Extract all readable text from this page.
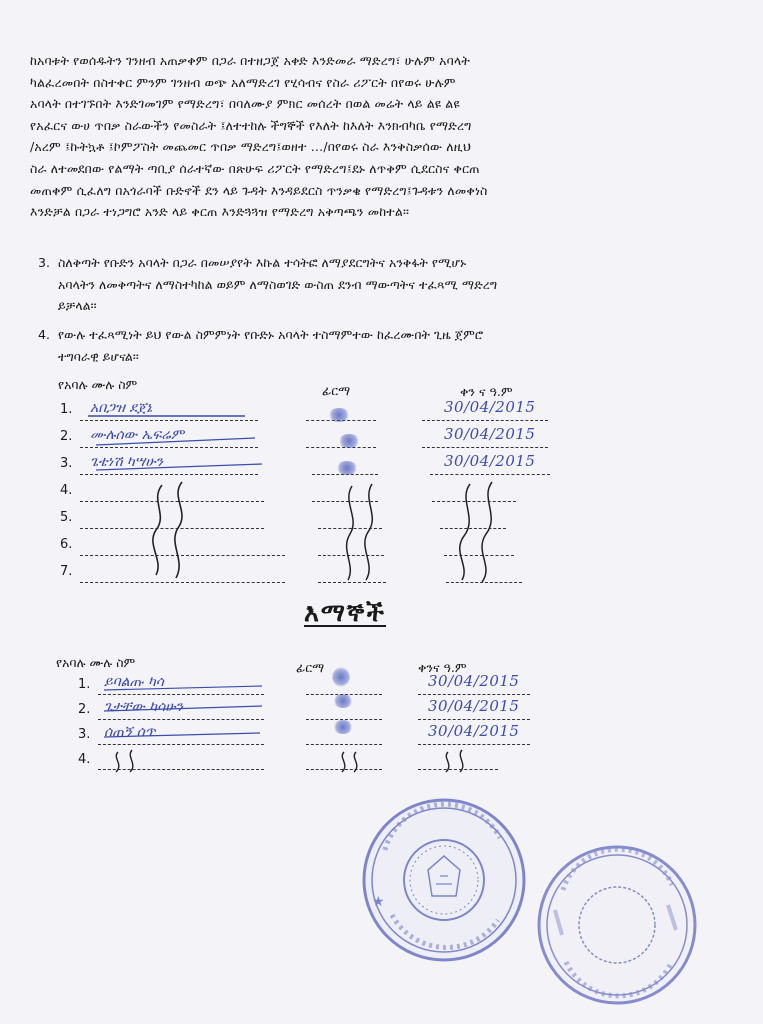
ከአባቱት የወሰዱትን ገንዘብ አጠቃቀም በጋራ በተዘጋጀ አቀድ እንድመራ ማድረግ፣ ሁሉም አባላት
ካልፈረመበት በስተቀር ምንም ገንዘብ ወጭ አለማድረገ የሂሳብና የስራ ሪፖርት በየወሩ ሁሉም
አባላት በተገኙበት እንድገመገም የማድረግ፣ በባለሙያ ምክር መሰረት በወል መሬት ላይ ልዩ ልዩ
የአፈርና ውሀ ጥበቃ ስራውችን የመስራት ፤ለተተከሉ ችግኞች የእለት ከእለት እንክብካቤ የማድረግ
/አረም ፤ኩትኳቶ ፤ኮምፖስት መጨመር ጥበቃ ማድረግ፤ወዘተ …/በየወሩ ስራ እንቅስቃሰው ለዚህ
ስራ ለተመደበው የልማት ጣቢያ ሰራተኛው በጽሁፍ ሪፖርት የማድረግ፤ደኑ ለጥቅም ሲደርስና ቀርጠ
መጠቀም ሲፈለግ በአጎራባች ቡድኖች ደን ላይ ጉዳት እንዳይደርስ ጥንቃቄ የማድረግ፤ጉዳቱን ለመቀነስ
እንድቻል በጋራ ተነጋግሮ አንድ ላይ ቀርጠ እንድጓጓዝ የማድረግ አቅጣጫን መከተል፡፡
3. ስለቅጣት የቡድን አባላት በጋራ በመሠያየት እኩል ተሳትፎ ለማያደርግትና አንቅፋት የሚሆኑ
አባላትን ለመቅጣትና ለማስተካከል ወይም ለማስወገድ ውስጠ ደንብ ማውጣትና ተፈጻሚ ማድረግ
ይቻላል፡፡
4. የውሉ ተፈጻሚነት ይህ የውል ስምምነት የቡድኑ አባላት ተስማምተው ከፈረሙበት ጊዜ ጀምሮ
ተግባራዊ ይሆናል፡፡
የአባሉ ሙሉ ስም	ፊርማ	ቀን ና ዓ.ም
1. አበጋዝ ደጀኔ	30/04/2015
2. ሙሉሰው ኤፍሬም	30/04/2015
3. ጌቴነሽ ካሣሁን	30/04/2015
4.
5.
6.
7.
እማኞች
የአባሉ ሙሉ ስም	ፊርማ	ቀንና ዓ.ም
1. ይባልጡ ካሳ	30/04/2015
2. ጌታቸው ካሳሁን	30/04/2015
3. ሰጠኝ ሰጥ	30/04/2015
4.
★
